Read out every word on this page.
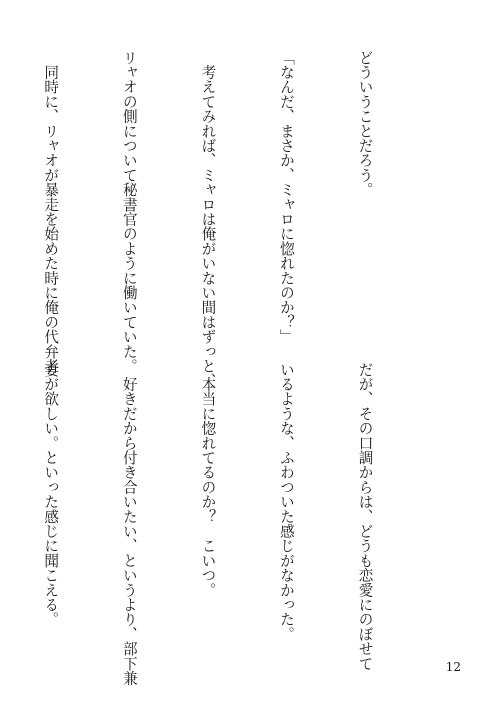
どういうことだろう。

「なんだ、まさか、ミャロに惚れたのか？」

　考えてみれば、ミャロは俺がいない間はずっと、

リャオの側について秘書官のように働いていた。

　同時に、リャオが暴走を始めた時に俺の代弁者

だが、その口調からは、どうも恋愛にのぼせて

いるような、ふわついた感じがなかった。

　本当に惚れてるのか？　こいつ。

　好きだから付き合いたい、というより、部下兼

妻が欲しい。といった感じに聞こえる。

12
